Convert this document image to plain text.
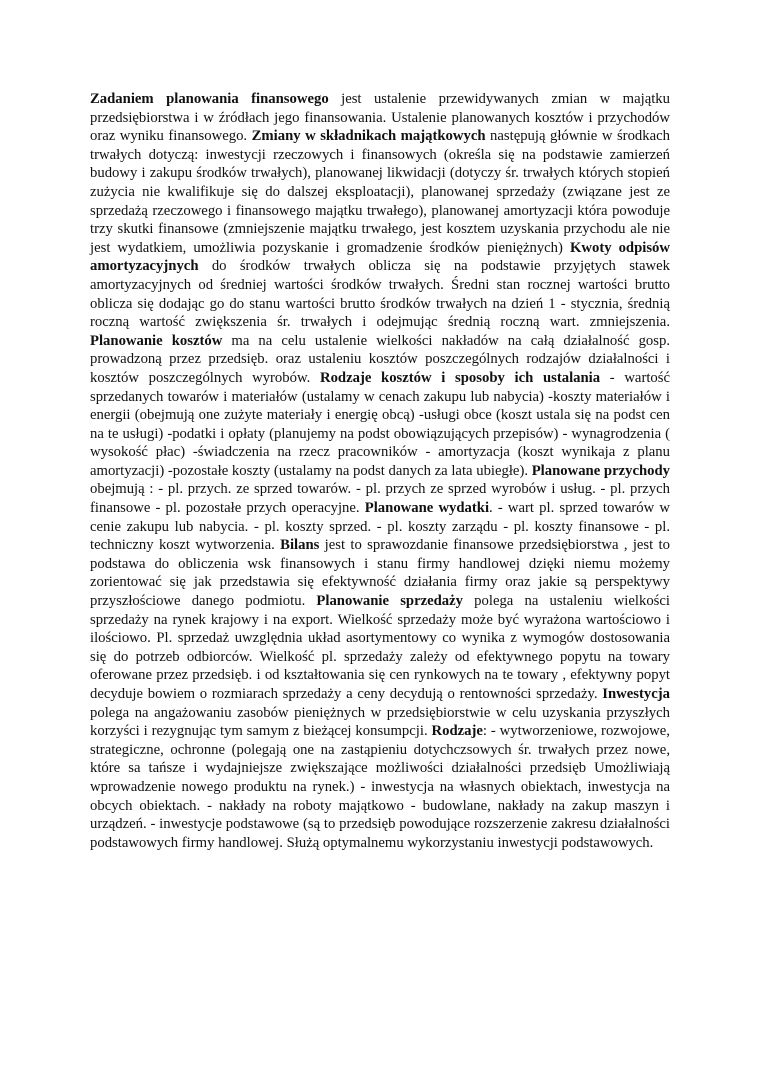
Zadaniem planowania finansowego jest ustalenie przewidywanych zmian w majątku przedsiębiorstwa i w źródłach jego finansowania. Ustalenie planowanych kosztów i przychodów oraz wyniku finansowego. Zmiany w składnikach majątkowych następują głównie w środkach trwałych dotyczą: inwestycji rzeczowych i finansowych (określa się na podstawie zamierzeń budowy i zakupu środków trwałych), planowanej likwidacji (dotyczy śr. trwałych których stopień zużycia nie kwalifikuje się do dalszej eksploatacji), planowanej sprzedaży (związane jest ze sprzedażą rzeczowego i finansowego majątku trwałego), planowanej amortyzacji która powoduje trzy skutki finansowe (zmniejszenie majątku trwałego, jest kosztem uzyskania przychodu ale nie jest wydatkiem, umożliwia pozyskanie i gromadzenie środków pieniężnych) Kwoty odpisów amortyzacyjnych do środków trwałych oblicza się na podstawie przyjętych stawek amortyzacyjnych od średniej wartości środków trwałych. Średni stan rocznej wartości brutto oblicza się dodając go do stanu wartości brutto środków trwałych na dzień 1 - stycznia, średnią roczną wartość zwiększenia śr. trwałych i odejmując średnią roczną wart. zmniejszenia. Planowanie kosztów ma na celu ustalenie wielkości nakładów na całą działalność gosp. prowadzoną przez przedsięb. oraz ustaleniu kosztów poszczególnych rodzajów działalności i kosztów poszczególnych wyrobów. Rodzaje kosztów i sposoby ich ustalania - wartość sprzedanych towarów i materiałów (ustalamy w cenach zakupu lub nabycia) -koszty materiałów i energii (obejmują one zużyte materiały i energię obcą) -usługi obce (koszt ustala się na podst cen na te usługi) -podatki i opłaty (planujemy na podst obowiązujących przepisów) - wynagrodzenia ( wysokość płac) -świadczenia na rzecz pracowników - amortyzacja (koszt wynikaja z planu amortyzacji) -pozostałe koszty (ustalamy na podst danych za lata ubiegłe). Planowane przychody obejmują : - pl. przych. ze sprzed towarów. - pl. przych ze sprzed wyrobów i usług. - pl. przych finansowe - pl. pozostałe przych operacyjne. Planowane wydatki. - wart pl. sprzed towarów w cenie zakupu lub nabycia. - pl. koszty sprzed. - pl. koszty zarządu - pl. koszty finansowe - pl. techniczny koszt wytworzenia. Bilans jest to sprawozdanie finansowe przedsiębiorstwa , jest to podstawa do obliczenia wsk finansowych i stanu firmy handlowej dzięki niemu możemy zorientować się jak przedstawia się efektywność działania firmy oraz jakie są perspektywy przyszłościowe danego podmiotu. Planowanie sprzedaży polega na ustaleniu wielkości sprzedaży na rynek krajowy i na export. Wielkość sprzedaży może być wyrażona wartościowo i ilościowo. Pl. sprzedaż uwzględnia układ asortymentowy co wynika z wymogów dostosowania się do potrzeb odbiorców. Wielkość pl. sprzedaży zależy od efektywnego popytu na towary oferowane przez przedsięb. i od kształtowania się cen rynkowych na te towary , efektywny popyt decyduje bowiem o rozmiarach sprzedaży a ceny decydują o rentowności sprzedaży. Inwestycja polega na angażowaniu zasobów pieniężnych w przedsiębiorstwie w celu uzyskania przyszłych korzyści i rezygnując tym samym z bieżącej konsumpcji. Rodzaje: - wytworzeniowe, rozwojowe, strategiczne, ochronne (polegają one na zastąpieniu dotychczsowych śr. trwałych przez nowe, które sa tańsze i wydajniejsze zwiększające możliwości działalności przedsięb Umożliwiają wprowadzenie nowego produktu na rynek.) - inwestycja na własnych obiektach, inwestycja na obcych obiektach. - nakłady na roboty majątkowo - budowlane, nakłady na zakup maszyn i urządzeń. - inwestycje podstawowe (są to przedsięb powodujące rozszerzenie zakresu działalności podstawowych firmy handlowej. Służą optymalnemu wykorzystaniu inwestycji podstawowych.
